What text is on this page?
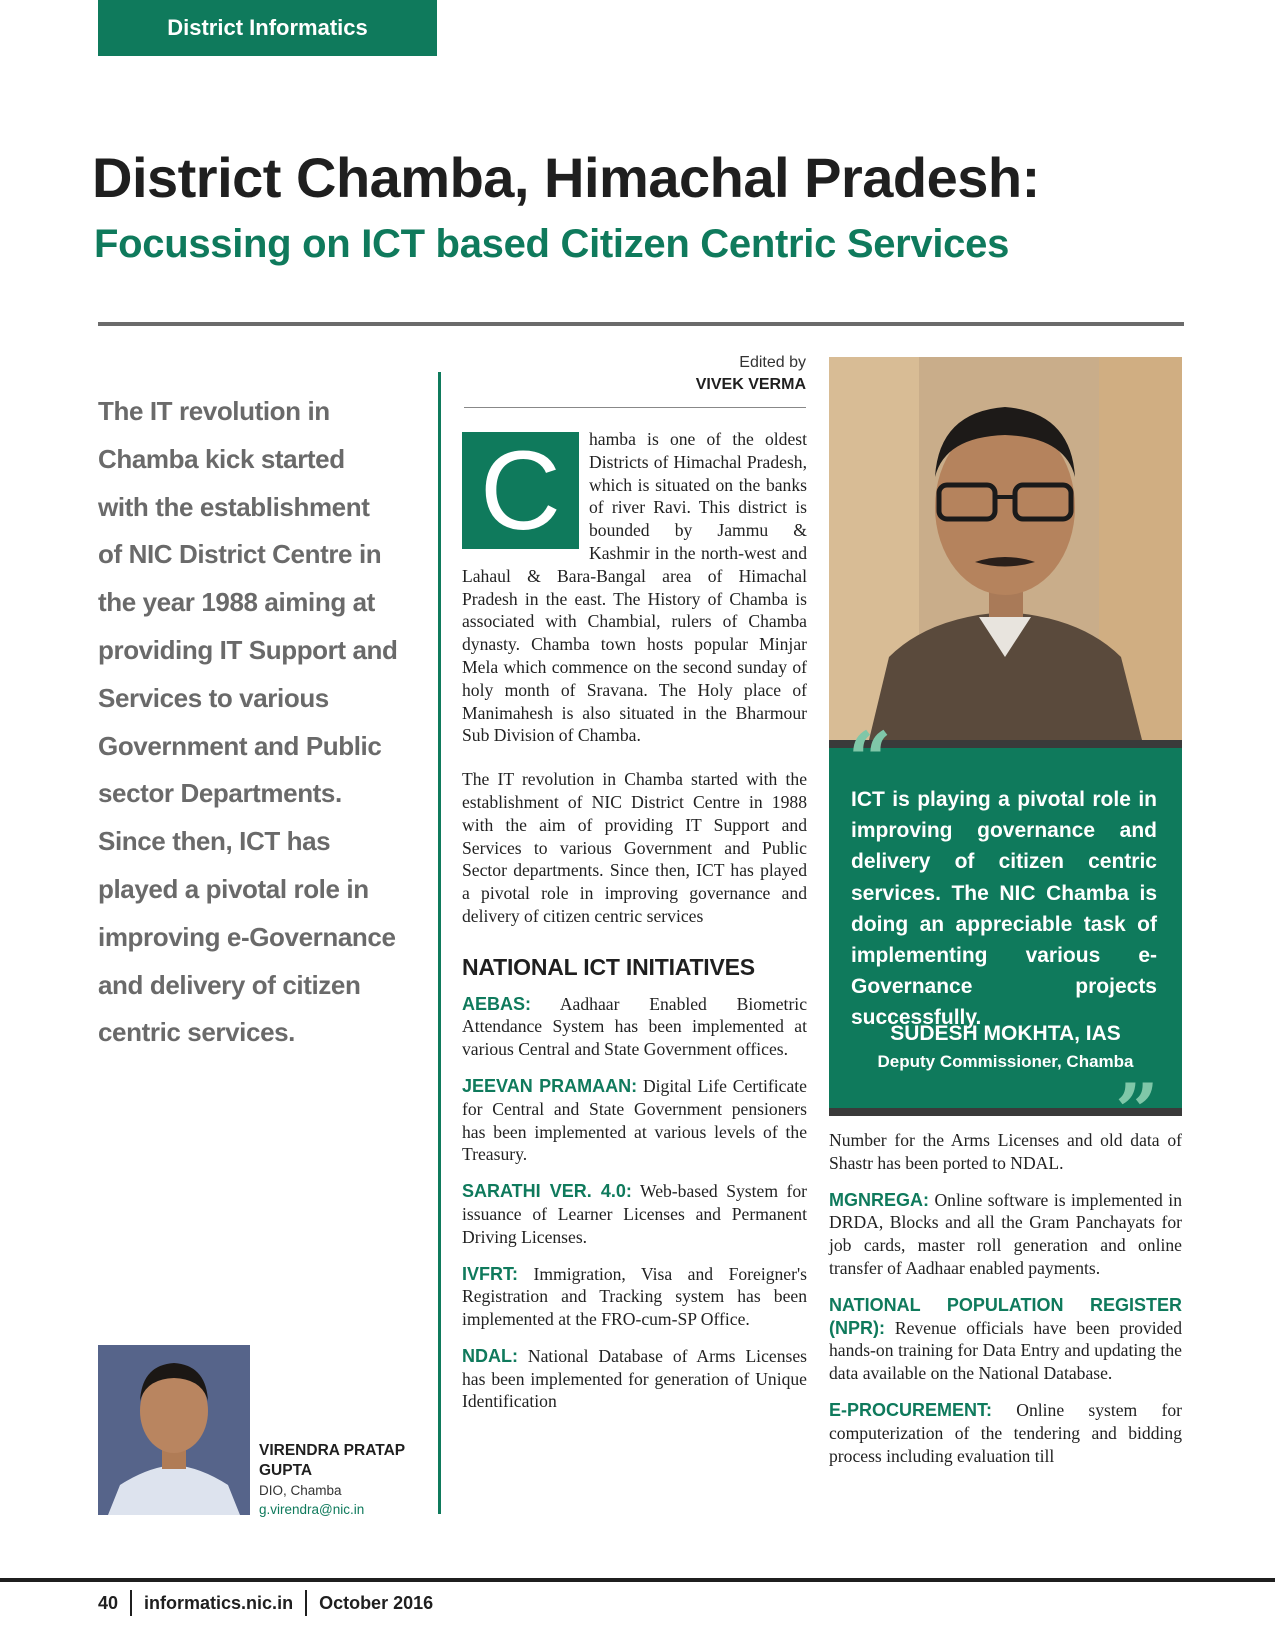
District Informatics
District Chamba, Himachal Pradesh:
Focussing on ICT based Citizen Centric Services
The IT revolution in Chamba kick started with the establishment of NIC District Centre in the year 1988 aiming at providing IT Support and Services to various Government and Public sector Departments. Since then, ICT has played a pivotal role in improving e-Governance and delivery of citizen centric services.
Edited by
VIVEK VERMA

C	hamba is one of the oldest Districts of Himachal Pradesh, which is situated on the banks of river Ravi. This district is bounded by Jammu & Kashmir in the north-west and Lahaul & Bara-Bangal area of Himachal Pradesh in the east. The History of Chamba is associated with Chambial, rulers of Chamba dynasty. Chamba town hosts popular Minjar Mela which commence on the second sunday of holy month of Sravana. The Holy place of Manimahesh is also situated in the Bharmour Sub Division of Chamba.

The IT revolution in Chamba started with the establishment of NIC District Centre in 1988 with the aim of providing IT Support and Services to various Government and Public Sector departments. Since then, ICT has played a pivotal role in improving governance and delivery of citizen centric services

NATIONAL ICT INITIATIVES
AEBAS: Aadhaar Enabled Biometric Attendance System has been implemented at various Central and State Government offices.
JEEVAN PRAMAAN: Digital Life Certificate for Central and State Government pensioners has been implemented at various levels of the Treasury.
SARATHI VER. 4.0: Web-based System for issuance of Learner Licenses and Permanent Driving Licenses.
IVFRT: Immigration, Visa and Foreigner's Registration and Tracking system has been implemented at the FRO-cum-SP Office.
NDAL: National Database of Arms Licenses has been implemented for generation of Unique Identification
“
ICT is playing a pivotal role in improving governance and delivery of citizen centric services. The NIC Chamba is doing an appreciable task of implementing various e-Governance projects successfully.
SUDESH MOKHTA, IAS
Deputy Commissioner, Chamba
”

Number for the Arms Licenses and old data of Shastr has been ported to NDAL.

MGNREGA: Online software is implemented in DRDA, Blocks and all the Gram Panchayats for job cards, master roll generation and online transfer of Aadhaar enabled payments.
NATIONAL POPULATION REGISTER (NPR): Revenue officials have been provided hands-on training for Data Entry and updating the data available on the National Database.
E-PROCUREMENT: Online system for computerization of the tendering and bidding process including evaluation till
VIRENDRA PRATAP GUPTA
DIO, Chamba
g.virendra@nic.in
40 informatics.nic.in October 2016
